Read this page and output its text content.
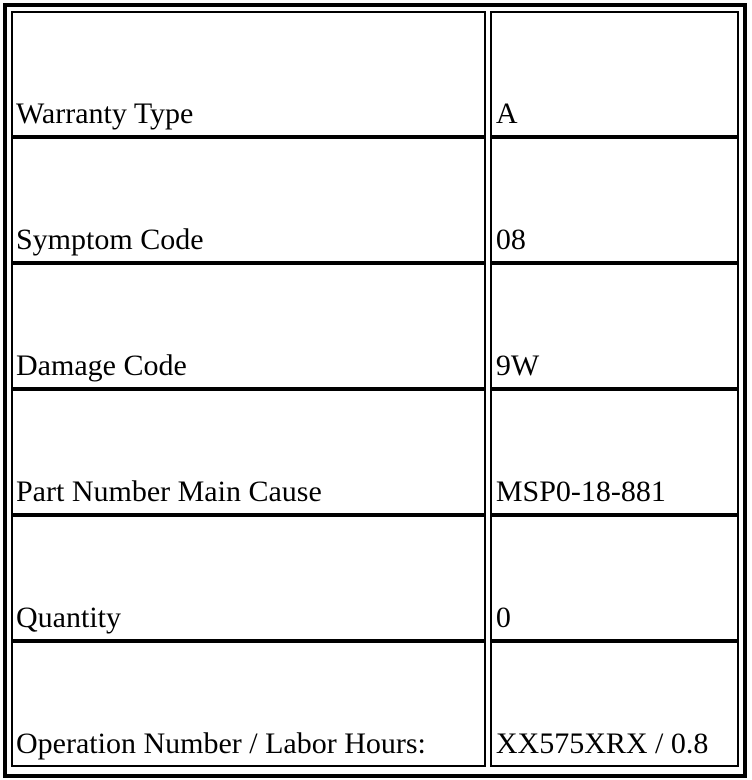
Warranty Type		A
Symptom Code		08
Damage Code		9W
Part Number Main Cause		MSP0-18-881
Quantity		0
Operation Number / Labor Hours:		XX575XRX / 0.8
